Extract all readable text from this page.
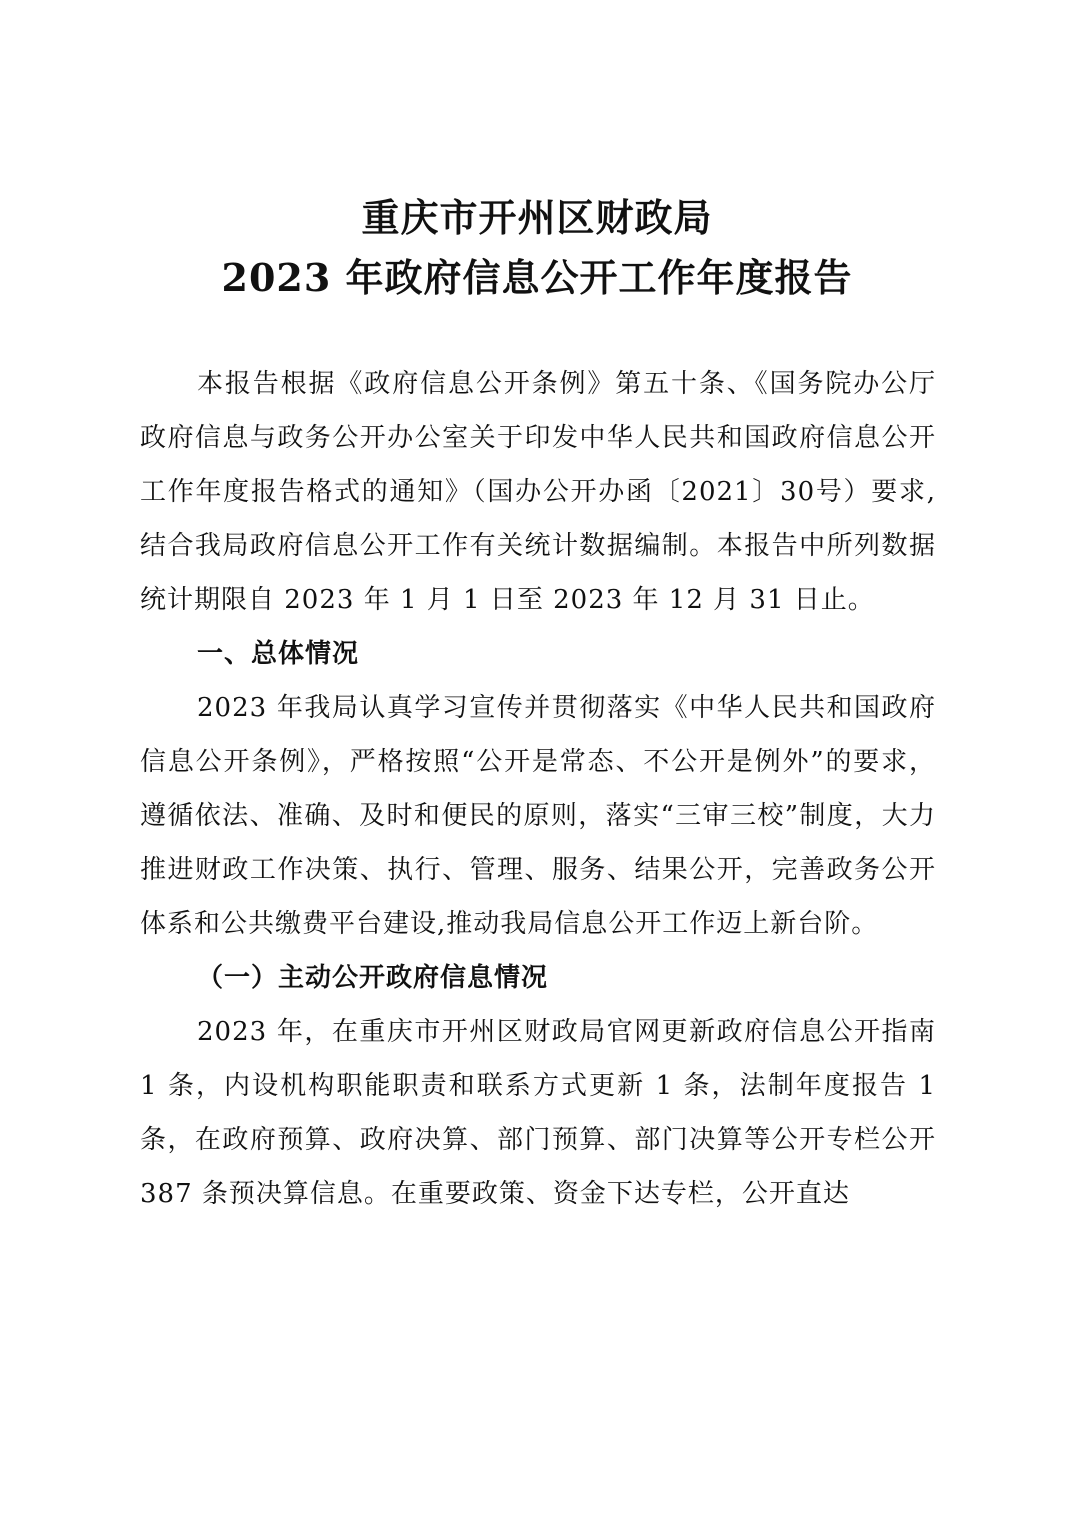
重庆市开州区财政局
2023 年政府信息公开工作年度报告

本报告根据《政府信息公开条例》第五十条、《国务院办公厅政府信息与政务公开办公室关于印发中华人民共和国政府信息公开工作年度报告格式的通知》（国办公开办函〔2021〕30号）要求,结合我局政府信息公开工作有关统计数据编制。本报告中所列数据统计期限自 2023 年 1 月 1 日至 2023 年 12 月 31 日止。

一、总体情况

2023 年我局认真学习宣传并贯彻落实《中华人民共和国政府信息公开条例》，严格按照“公开是常态、不公开是例外”的要求，遵循依法、准确、及时和便民的原则，落实“三审三校”制度，大力推进财政工作决策、执行、管理、服务、结果公开，完善政务公开体系和公共缴费平台建设,推动我局信息公开工作迈上新台阶。

（一）主动公开政府信息情况

2023 年，在重庆市开州区财政局官网更新政府信息公开指南 1 条，内设机构职能职责和联系方式更新 1 条，法制年度报告 1 条，在政府预算、政府决算、部门预算、部门决算等公开专栏公开 387 条预决算信息。在重要政策、资金下达专栏，公开直达
